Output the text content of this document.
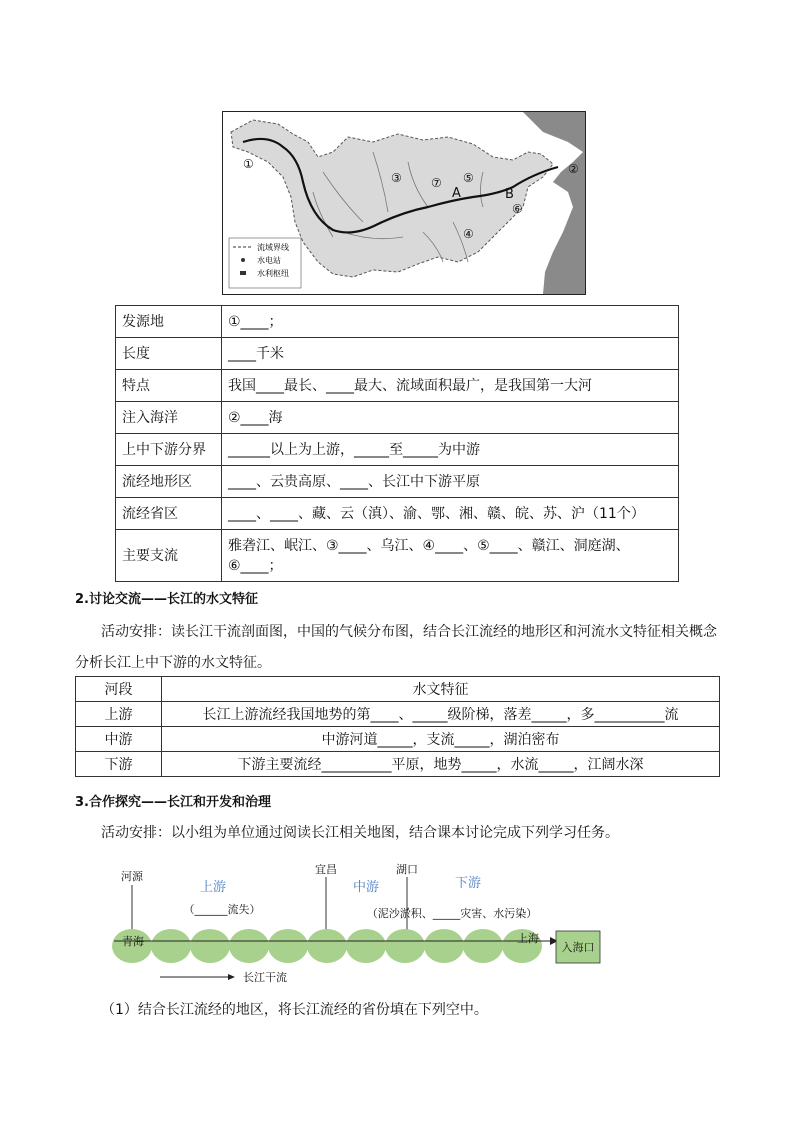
①	②
③
④
⑤
⑥
⑦
A	B
流域界线
水电站
水利枢纽
发源地	①____；
长度	____千米
特点	我国____最长、____最大、流域面积最广，是我国第一大河
注入海洋	②____海
上中下游分界	______以上为上游，_____至_____为中游
流经地形区	____、云贵高原、____、长江中下游平原
流经省区	____、____、藏、云（滇）、渝、鄂、湘、赣、皖、苏、沪（11个）
主要支流	雅砻江、岷江、③____、乌江、④____、⑤____、赣江、洞庭湖、⑥____；
2.讨论交流——长江的水文特征
活动安排：读长江干流剖面图，中国的气候分布图，结合长江流经的地形区和河流水文特征相关概念分析长江上中下游的水文特征。
河段	水文特征
上游	长江上游流经我国地势的第____、_____级阶梯，落差_____，多__________流
中游	中游河道_____，支流_____，湖泊密布
下游	下游主要流经__________平原，地势_____，水流_____，江阔水深
3.合作探究——长江和开发和治理
活动安排：以小组为单位通过阅读长江相关地图，结合课本讨论完成下列学习任务。
河源
宜昌	湖口
上游	中游	下游
（______流失）	（泥沙淤积、_____灾害、水污染）
青海	上海
入海口
长江干流
（1）结合长江流经的地区，将长江流经的省份填在下列空中。
